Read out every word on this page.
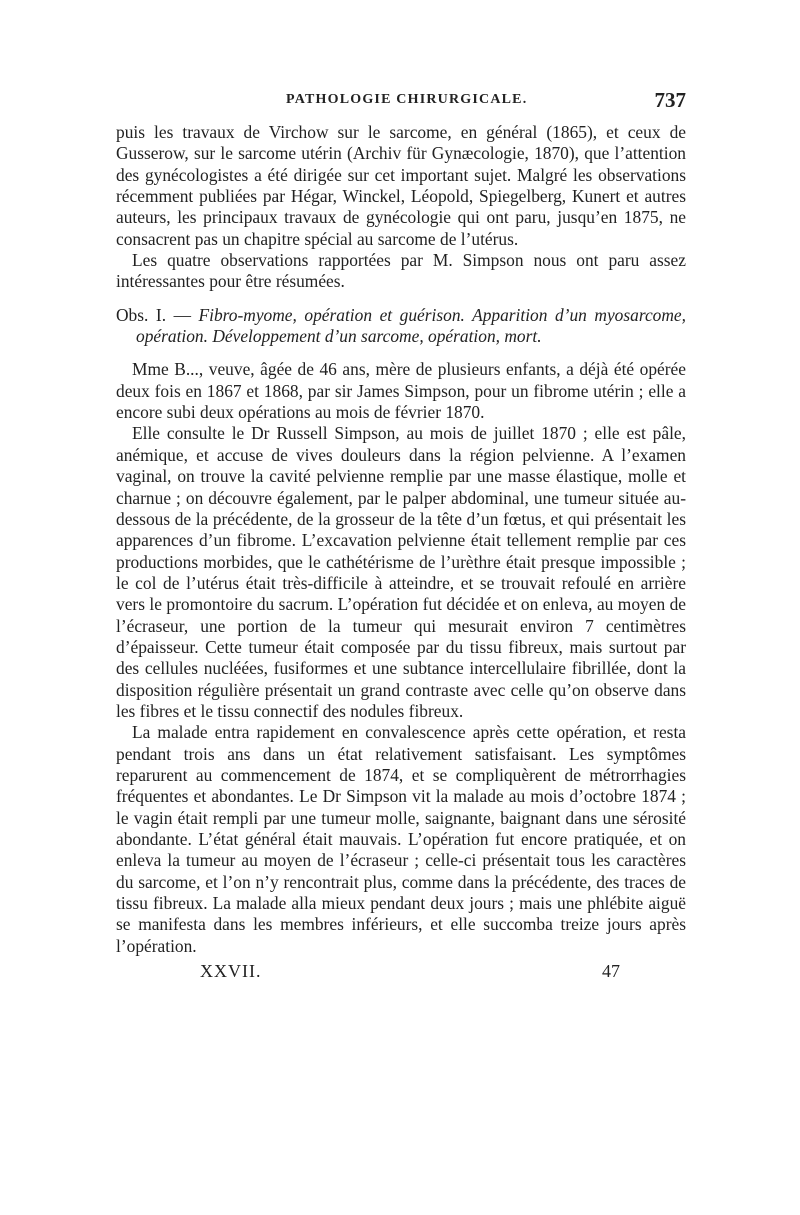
PATHOLOGIE CHIRURGICALE.	737

puis les travaux de Virchow sur le sarcome, en général (1865), et ceux de Gusserow, sur le sarcome utérin (Archiv für Gynæcologie, 1870), que l’attention des gynécologistes a été dirigée sur cet important sujet. Malgré les observations récemment publiées par Hégar, Winckel, Léopold, Spiegelberg, Kunert et autres auteurs, les principaux travaux de gynécologie qui ont paru, jusqu’en 1875, ne consacrent pas un chapitre spécial au sarcome de l’utérus.

Les quatre observations rapportées par M. Simpson nous ont paru assez intéressantes pour être résumées.

Obs. I. — Fibro-myome, opération et guérison. Apparition d’un myosarcome, opération. Développement d’un sarcome, opération, mort.

Mme B..., veuve, âgée de 46 ans, mère de plusieurs enfants, a déjà été opérée deux fois en 1867 et 1868, par sir James Simpson, pour un fibrome utérin ; elle a encore subi deux opérations au mois de février 1870.

Elle consulte le Dr Russell Simpson, au mois de juillet 1870 ; elle est pâle, anémique, et accuse de vives douleurs dans la région pelvienne. A l’examen vaginal, on trouve la cavité pelvienne remplie par une masse élastique, molle et charnue ; on découvre également, par le palper abdominal, une tumeur située au-dessous de la précédente, de la grosseur de la tête d’un fœtus, et qui présentait les apparences d’un fibrome. L’excavation pelvienne était tellement remplie par ces productions morbides, que le cathétérisme de l’urèthre était presque impossible ; le col de l’utérus était très-difficile à atteindre, et se trouvait refoulé en arrière vers le promontoire du sacrum. L’opération fut décidée et on enleva, au moyen de l’écraseur, une portion de la tumeur qui mesurait environ 7 centimètres d’épaisseur. Cette tumeur était composée par du tissu fibreux, mais surtout par des cellules nucléées, fusiformes et une subtance intercellulaire fibrillée, dont la disposition régulière présentait un grand contraste avec celle qu’on observe dans les fibres et le tissu connectif des nodules fibreux.

La malade entra rapidement en convalescence après cette opération, et resta pendant trois ans dans un état relativement satisfaisant. Les symptômes reparurent au commencement de 1874, et se compliquèrent de métrorrhagies fréquentes et abondantes. Le Dr Simpson vit la malade au mois d’octobre 1874 ; le vagin était rempli par une tumeur molle, saignante, baignant dans une sérosité abondante. L’état général était mauvais. L’opération fut encore pratiquée, et on enleva la tumeur au moyen de l’écraseur ; celle-ci présentait tous les caractères du sarcome, et l’on n’y rencontrait plus, comme dans la précédente, des traces de tissu fibreux. La malade alla mieux pendant deux jours ; mais une phlébite aiguë se manifesta dans les membres inférieurs, et elle succomba treize jours après l’opération.

XXVII.	47
